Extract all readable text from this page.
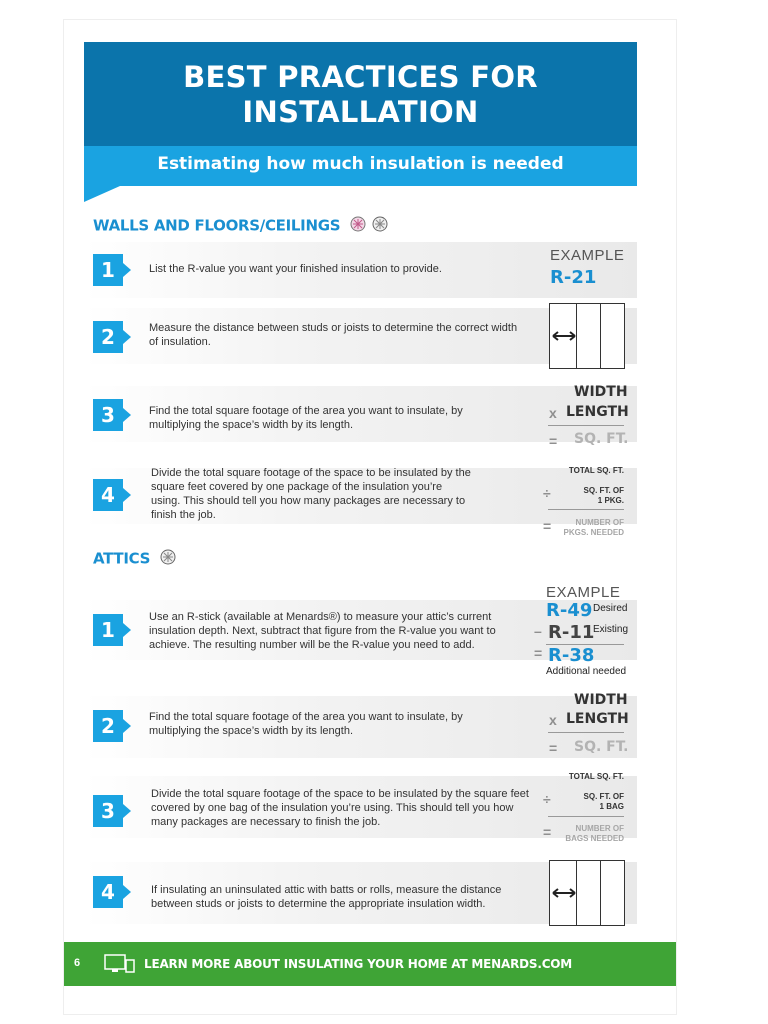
BEST PRACTICES FOR
INSTALLATION
Estimating how much insulation is needed
WALLS AND FLOORS/CEILINGS
1	List the R-value you want your finished insulation to provide.
2	Measure the distance between studs or joists to determine the correct width of insulation.
3	Find the total square footage of the area you want to insulate, by multiplying the space’s width by its length.
4
Divide the total square footage of the space to be insulated by the square feet covered by one package of the insulation you’re using. This should tell you how many packages are necessary to finish the job.
EXAMPLE
R-21
WIDTH
x LENGTH
= SQ. FT.
TOTAL SQ. FT.
÷	SQ. FT. OF
1 PKG.
=	NUMBER OF
PKGS. NEEDED
ATTICS
1
Use an R-stick (available at Menards®) to measure your attic’s current insulation depth. Next, subtract that figure from the R-value you want to achieve. The resulting number will be the R-value you need to add.
2	Find the total square footage of the area you want to insulate, by multiplying the space’s width by its length.
3
Divide the total square footage of the space to be insulated by the square feet covered by one bag of the insulation you’re using. This should tell you how many packages are necessary to finish the job.
4	If insulating an uninsulated attic with batts or rolls, measure the distance between studs or joists to determine the appropriate insulation width.
EXAMPLE
R-49 Desired
– R-11
Existing
= R-38
Additional needed
WIDTH
x LENGTH
= SQ. FT.
TOTAL SQ. FT.
÷	SQ. FT. OF
1 BAG
=	NUMBER OF
BAGS NEEDED
6	LEARN MORE ABOUT INSULATING YOUR HOME AT MENARDS.COM
